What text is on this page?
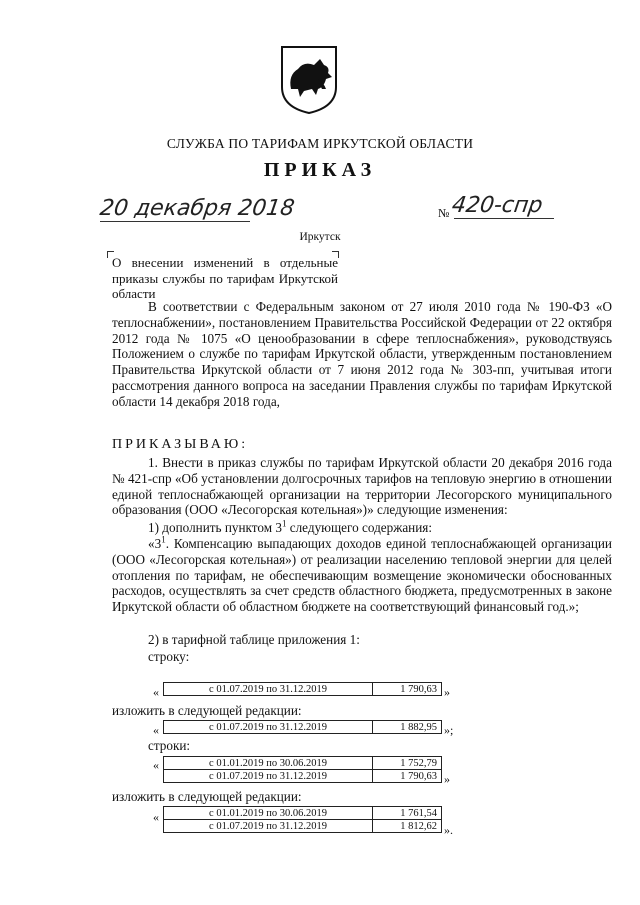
СЛУЖБА ПО ТАРИФАМ ИРКУТСКОЙ ОБЛАСТИ
ПРИКАЗ
20 декабря 2018	№ 420-спр
Иркутск
О внесении изменений в отдельные приказы службы по тарифам Иркутской области
В соответствии с Федеральным законом от 27 июля 2010 года № 190-ФЗ «О теплоснабжении», постановлением Правительства Российской Федерации от 22 октября 2012 года № 1075 «О ценообразовании в сфере теплоснабжения», руководствуясь Положением о службе по тарифам Иркутской области, утвержденным постановлением Правительства Иркутской области от 7 июня 2012 года № 303-пп, учитывая итоги рассмотрения данного вопроса на заседании Правления службы по тарифам Иркутской области 14 декабря 2018 года,
ПРИКАЗЫВАЮ:
1. Внести в приказ службы по тарифам Иркутской области 20 декабря 2016 года № 421-спр «Об установлении долгосрочных тарифов на тепловую энергию в отношении единой теплоснабжающей организации на территории Лесогорского муниципального образования (ООО «Лесогорская котельная»)» следующие изменения:
1) дополнить пунктом $3^1$ следующего содержания:
«$3^1$. Компенсацию выпадающих доходов единой теплоснабжающей организации (ООО «Лесогорская котельная») от реализации населению тепловой энергии для целей отопления по тарифам, не обеспечивающим возмещение экономически обоснованных расходов, осуществлять за счет средств областного бюджета, предусмотренных в законе Иркутской области об областном бюджете на соответствующий финансовый год.»;
2) в тарифной таблице приложения 1:
строку:
«	с 01.07.2019 по 31.12.2019	1 790,63 »
изложить в следующей редакции:
«	с 01.07.2019 по 31.12.2019	1 882,95 »;
строки:
«	с 01.01.2019 по 30.06.2019	1 752,79
с 01.07.2019 по 31.12.2019	1 790,63 »
изложить в следующей редакции:
«	с 01.01.2019 по 30.06.2019	1 761,54
с 01.07.2019 по 31.12.2019	1 812,62 ».
